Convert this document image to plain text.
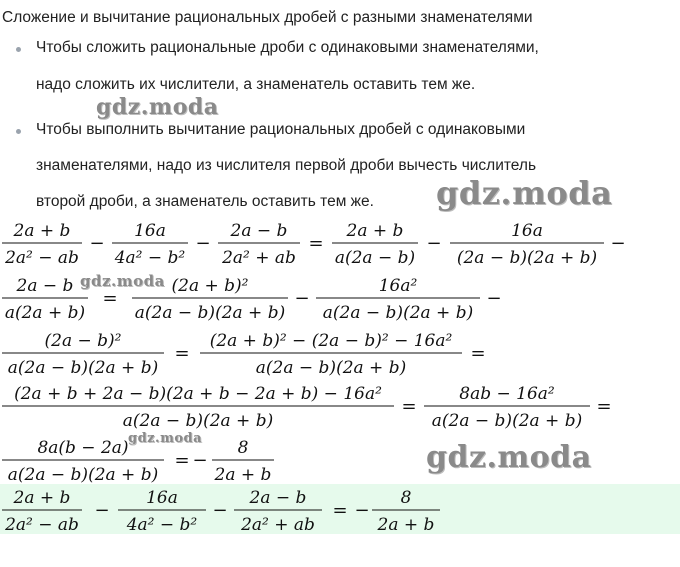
Сложение и вычитание рациональных дробей с разными знаменателями
Чтобы сложить рациональные дроби с одинаковыми знаменателями,
надо сложить их числители, а знаменатель оставить тем же.
Чтобы выполнить вычитание рациональных дробей с одинаковыми
знаменателями, надо из числителя первой дроби вычесть числитель
второй дроби, а знаменатель оставить тем же.
2a + b
2a² − ab
−
16a
4a² − b²
−
2a − b
2a² + ab
=
2a + b
a(2a − b)
−
16a
(2a − b)(2a + b)
−
2a − b
a(2a + b)
=
(2a + b)²
a(2a − b)(2a + b)
−
16a²
a(2a − b)(2a + b)
−
(2a − b)²
a(2a − b)(2a + b)
=
(2a + b)² − (2a − b)² − 16a²
a(2a − b)(2a + b)
=
(2a + b + 2a − b)(2a + b − 2a + b) − 16a²
a(2a − b)(2a + b)
=
8ab − 16a²
a(2a − b)(2a + b)
=
8a(b − 2a)
a(2a − b)(2a + b)
= −
8
2a + b
2a + b
2a² − ab
−
16a
4a² − b²
−
2a − b
2a² + ab
= −
8
2a + b
gdz.moda
gdz.moda
gdz.moda
gdz.moda
gdz.moda
